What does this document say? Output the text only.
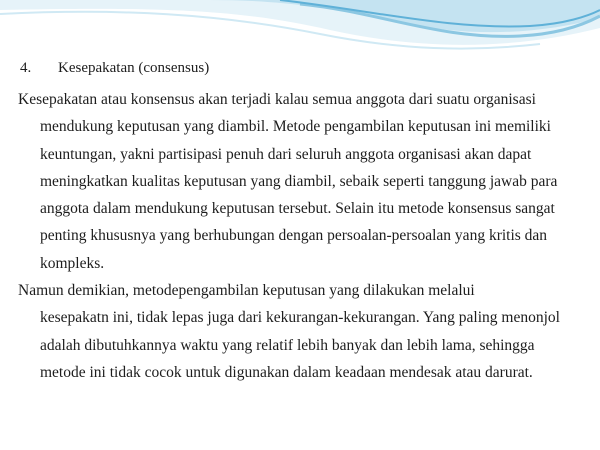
4. Kesepakatan (consensus)

Kesepakatan atau konsensus akan terjadi kalau semua anggota dari suatu organisasi
mendukung keputusan yang diambil. Metode pengambilan keputusan ini memiliki
keuntungan, yakni partisipasi penuh dari seluruh anggota organisasi akan dapat
meningkatkan kualitas keputusan yang diambil, sebaik seperti tanggung jawab para
anggota dalam mendukung keputusan tersebut. Selain itu metode konsensus sangat
penting khususnya yang berhubungan dengan persoalan-persoalan yang kritis dan
kompleks.

Namun demikian, metodepengambilan keputusan yang dilakukan melalui
kesepakatn ini, tidak lepas juga dari kekurangan-kekurangan. Yang paling menonjol
adalah dibutuhkannya waktu yang relatif lebih banyak dan lebih lama, sehingga
metode ini tidak cocok untuk digunakan dalam keadaan mendesak atau darurat.
